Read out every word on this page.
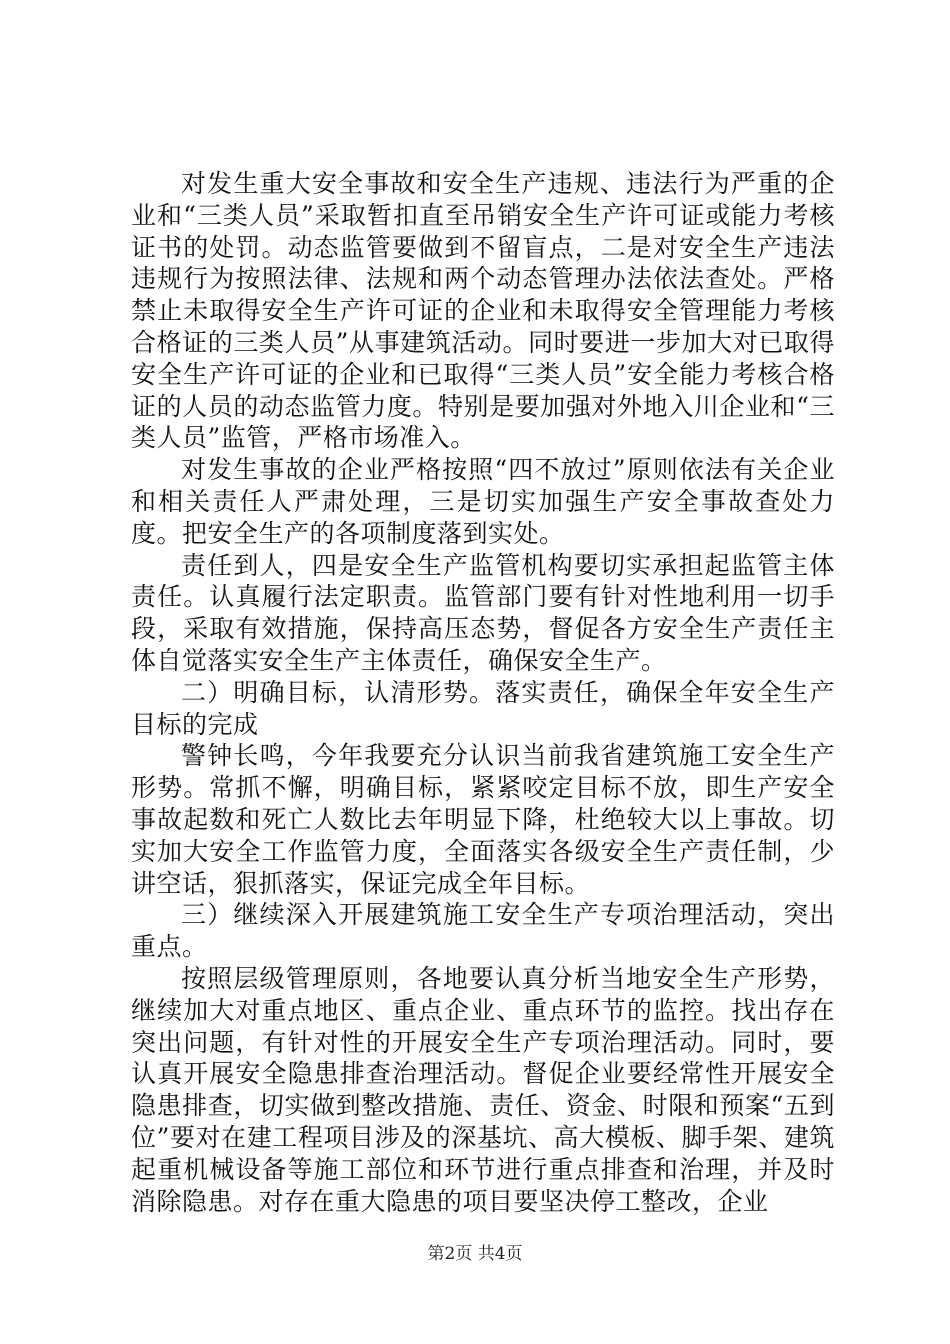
对发生重大安全事故和安全生产违规、违法行为严重的企业和“三类人员”采取暂扣直至吊销安全生产许可证或能力考核证书的处罚。动态监管要做到不留盲点，二是对安全生产违法违规行为按照法律、法规和两个动态管理办法依法查处。严格禁止未取得安全生产许可证的企业和未取得安全管理能力考核合格证的三类人员”从事建筑活动。同时要进一步加大对已取得安全生产许可证的企业和已取得“三类人员”安全能力考核合格证的人员的动态监管力度。特别是要加强对外地入川企业和“三类人员”监管，严格市场准入。

对发生事故的企业严格按照“四不放过”原则依法有关企业和相关责任人严肃处理，三是切实加强生产安全事故查处力度。把安全生产的各项制度落到实处。

责任到人，四是安全生产监管机构要切实承担起监管主体责任。认真履行法定职责。监管部门要有针对性地利用一切手段，采取有效措施，保持高压态势，督促各方安全生产责任主体自觉落实安全生产主体责任，确保安全生产。

二）明确目标，认清形势。落实责任，确保全年安全生产目标的完成

警钟长鸣，今年我要充分认识当前我省建筑施工安全生产形势。常抓不懈，明确目标，紧紧咬定目标不放，即生产安全事故起数和死亡人数比去年明显下降，杜绝较大以上事故。切实加大安全工作监管力度，全面落实各级安全生产责任制，少讲空话，狠抓落实，保证完成全年目标。

三）继续深入开展建筑施工安全生产专项治理活动，突出重点。

按照层级管理原则，各地要认真分析当地安全生产形势，继续加大对重点地区、重点企业、重点环节的监控。找出存在突出问题，有针对性的开展安全生产专项治理活动。同时，要认真开展安全隐患排查治理活动。督促企业要经常性开展安全隐患排查，切实做到整改措施、责任、资金、时限和预案“五到位”要对在建工程项目涉及的深基坑、高大模板、脚手架、建筑起重机械设备等施工部位和环节进行重点排查和治理，并及时消除隐患。对存在重大隐患的项目要坚决停工整改，企业

第2页 共4页
